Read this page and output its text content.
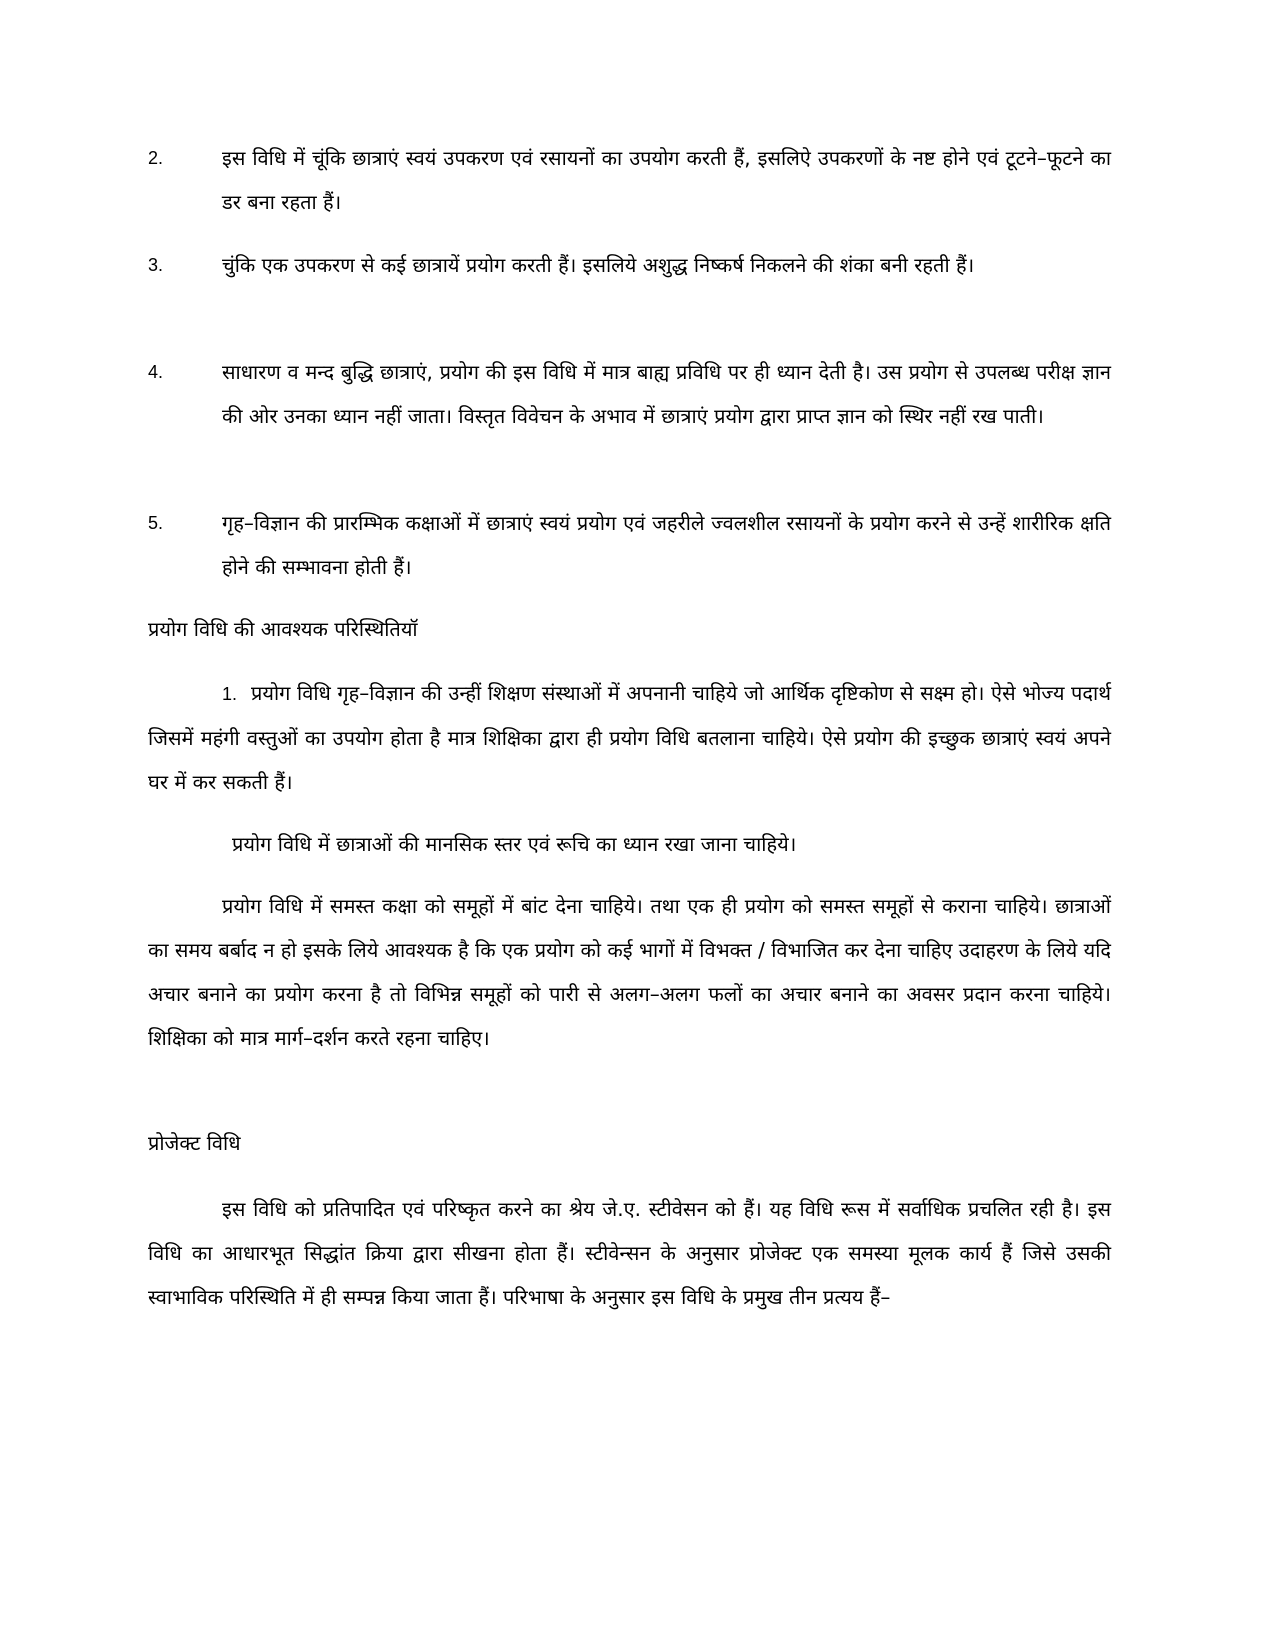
2.	इस विधि में चूंकि छात्राएं स्वयं उपकरण एवं रसायनों का उपयोग करती हैं, इसलिऐ उपकरणों के नष्ट होने एवं टूटने–फूटने का डर बना रहता हैं।
3.	चुंकि एक उपकरण से कई छात्रायें प्रयोग करती हैं। इसलिये अशुद्ध निष्कर्ष निकलने की शंका बनी रहती हैं।
4.	साधारण व मन्द बुद्धि छात्राएं, प्रयोग की इस विधि में मात्र बाह्य प्रविधि पर ही ध्यान देती है। उस प्रयोग से उपलब्ध परीक्ष ज्ञान की ओर उनका ध्यान नहीं जाता। विस्तृत विवेचन के अभाव में छात्राएं प्रयोग द्वारा प्राप्त ज्ञान को स्थिर नहीं रख पाती।
5.	गृह–विज्ञान की प्रारम्भिक कक्षाओं में छात्राएं स्वयं प्रयोग एवं जहरीले ज्वलशील रसायनों के प्रयोग करने से उन्हें शारीरिक क्षति होने की सम्भावना होती हैं।
प्रयोग विधि की आवश्यक परिस्थितियॉ
1. प्रयोग विधि गृह–विज्ञान की उन्हीं शिक्षण संस्थाओं में अपनानी चाहिये जो आर्थिक दृष्टिकोण से सक्ष्म हो। ऐसे भोज्य पदार्थ जिसमें महंगी वस्तुओं का उपयोग होता है मात्र शिक्षिका द्वारा ही प्रयोग विधि बतलाना चाहिये। ऐसे प्रयोग की इच्छुक छात्राएं स्वयं अपने घर में कर सकती हैं।
प्रयोग विधि में छात्राओं की मानसिक स्तर एवं रूचि का ध्यान रखा जाना चाहिये।
प्रयोग विधि में समस्त कक्षा को समूहों में बांट देना चाहिये। तथा एक ही प्रयोग को समस्त समूहों से कराना चाहिये। छात्राओं का समय बर्बाद न हो इसके लिये आवश्यक है कि एक प्रयोग को कई भागों में विभक्त / विभाजित कर देना चाहिए उदाहरण के लिये यदि अचार बनाने का प्रयोग करना है तो विभिन्न समूहों को पारी से अलग–अलग फलों का अचार बनाने का अवसर प्रदान करना चाहिये। शिक्षिका को मात्र मार्ग–दर्शन करते रहना चाहिए।
प्रोजेक्ट विधि
इस विधि को प्रतिपादित एवं परिष्कृत करने का श्रेय जे.ए. स्टीवेसन को हैं। यह विधि रूस में सर्वाधिक प्रचलित रही है। इस विधि का आधारभूत सिद्धांत क्रिया द्वारा सीखना होता हैं। स्टीवेन्सन के अनुसार प्रोजेक्ट एक समस्या मूलक कार्य हैं जिसे उसकी स्वाभाविक परिस्थिति में ही सम्पन्न किया जाता हैं। परिभाषा के अनुसार इस विधि के प्रमुख तीन प्रत्यय हैं–
